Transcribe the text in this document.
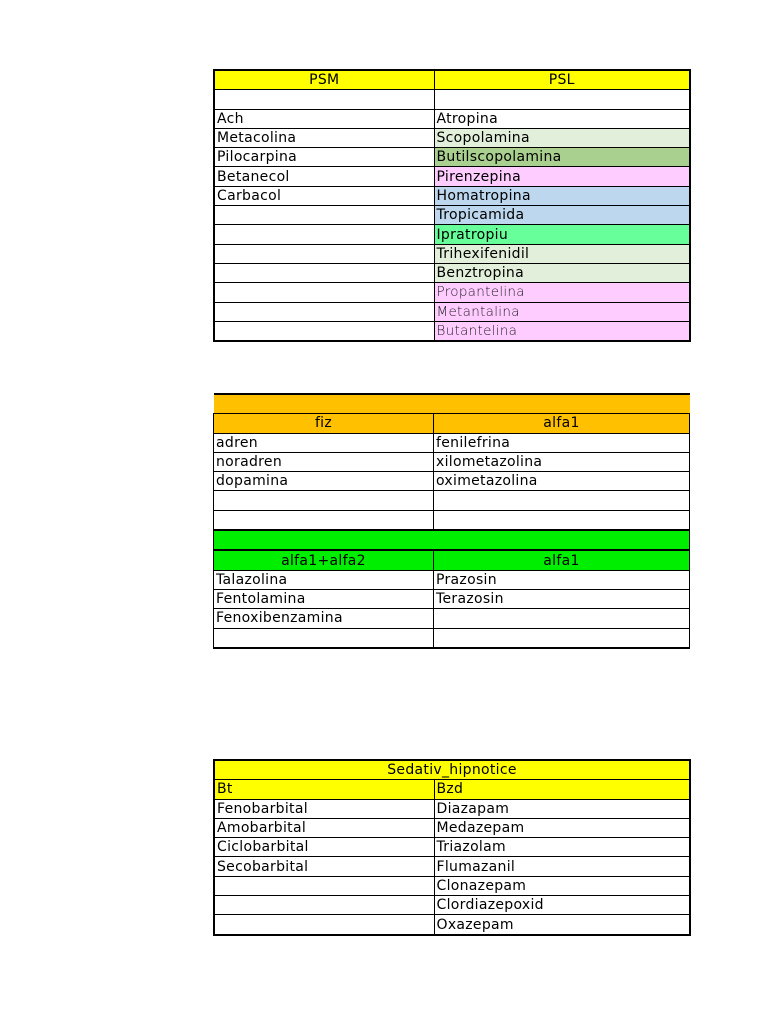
PSM	PSL

Ach	Atropina
Metacolina	Scopolamina
Pilocarpina	Butilscopolamina
Betanecol	Pirenzepina
Carbacol	Homatropina
	Tropicamida
	Ipratropiu
	Trihexifenidil
	Benztropina
	Propantelina
	Metantalina
	Butantelina

fiz	alfa1
adren	fenilefrina
noradren	xilometazolina
dopamina	oximetazolina

alfa1+alfa2	alfa1
Talazolina	Prazosin
Fentolamina	Terazosin
Fenoxibenzamina	

Sedativ_hipnotice	
Bt	Bzd
Fenobarbital	Diazapam
Amobarbital	Medazepam
Ciclobarbital	Triazolam
Secobarbital	Flumazanil
	Clonazepam
	Clordiazepoxid
	Oxazepam
